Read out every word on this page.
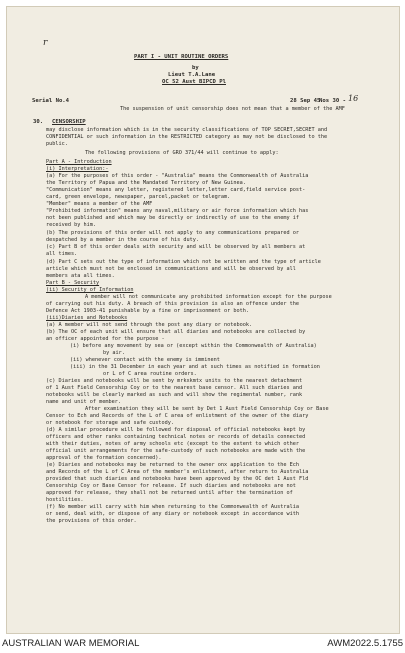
r
PART I - UNIT ROUTINE ORDERS
by
Lieut T.A.Lane
OC 52 Aust BIPCD Pl
Serial No.4	28 Sep 45
Nos 30 - 16
30. CENSORSHIP
The suspension of unit censorship does not mean that a member of the AMF
may disclose information which is in the security classifications of TOP SECRET,SECRET and
CONFIDENTIAL or such information in the RESTRICTED category as may not be disclosed to the
public.
The following provisions of GRO 371/44 will continue to apply:
Part A - Introduction
(i) Interpretation:-
(a) For the purposes of this order - "Australia" means the Commonwealth of Australia
the Territory of Papua and the Mandated Territory of New Guinea.
"Communication" means any letter, registered letter,letter card,field service post-
card, green envelope, newspaper, parcel,packet or telegram.
"Member" means a member of the AMF
"Prohibited information" means any naval,military or air force information which has
not been published and which may be directly or indirectly of use to the enemy if
received by him.
(b) The provisions of this order will not apply to any communications prepared or
despatched by a member in the course of his duty.
(c) Part B of this order deals with security and will be observed by all members at
all times.
(d) Part C sets out the type of information which not be written and the type of article
article which must not be enclosed in communications and will be observed by all
members ata all times.
Part B - Security
(ii) Security of Information
A member will not communicate any prohibited information except for the purpose
of carrying out his duty. A breach of this provision is also an offence under the
Defence Act 1903-41 punishable by a fine or imprisonment or both.
(iii)Diaries and Notebooks
(a) A member will not send through the post any diary or notebook.
(b) The OC of each unit will ensure that all diaries and notebooks are collected by
an officer appointed for the purpose -
(i) before any movement by sea or (except within the Commonwealth of Australia)
by air.
(ii) whenever contact with the enemy is imminent
(iii) in the 31 December in each year and at such times as notified in formation
or L of C area routine orders.
(c) Diaries and notebooks will be sent by mrkxkmtx units to the nearest detachment
of 1 Aust Field Censorship Coy or to the nearest base censor. All such diaries and
notebooks will be clearly marked as such and will show the regimental number, rank
name and unit of member.
After examination they will be sent by Det 1 Aust Field Censorship Coy or Base
Censor to Ech and Records of the L of C area of enlistment of the owner of the diary
or notebook for storage and safe custody.
(d) A similar procedure will be followed for disposal of official notebooks kept by
officers and other ranks containing technical notes or records of details connected
with their duties, notes of army schools etc (except to the extent to which other
official unit arrangements for the safe-custody of such notebooks are made with the
approval of the formation concerned).
(e) Diaries and notebooks may be returned to the owner onx application to the Ech
and Records of the L of C Area of the member's enlistment, after return to Australia
provided that such diaries and notebooks have been approved by the OC det 1 Aust Fld
Censorship Coy or Base Censor for release. If such diaries and notebooks are not
approved for release, they shall not be returned until after the termination of
hostilities.
(f) No member will carry with him when returning to the Commonwealth of Australia
or send, deal with, or dispose of any diary or notebook except in accordance with
the provisions of this order.
AUSTRALIAN WAR MEMORIAL	AWM2022.5.1755
